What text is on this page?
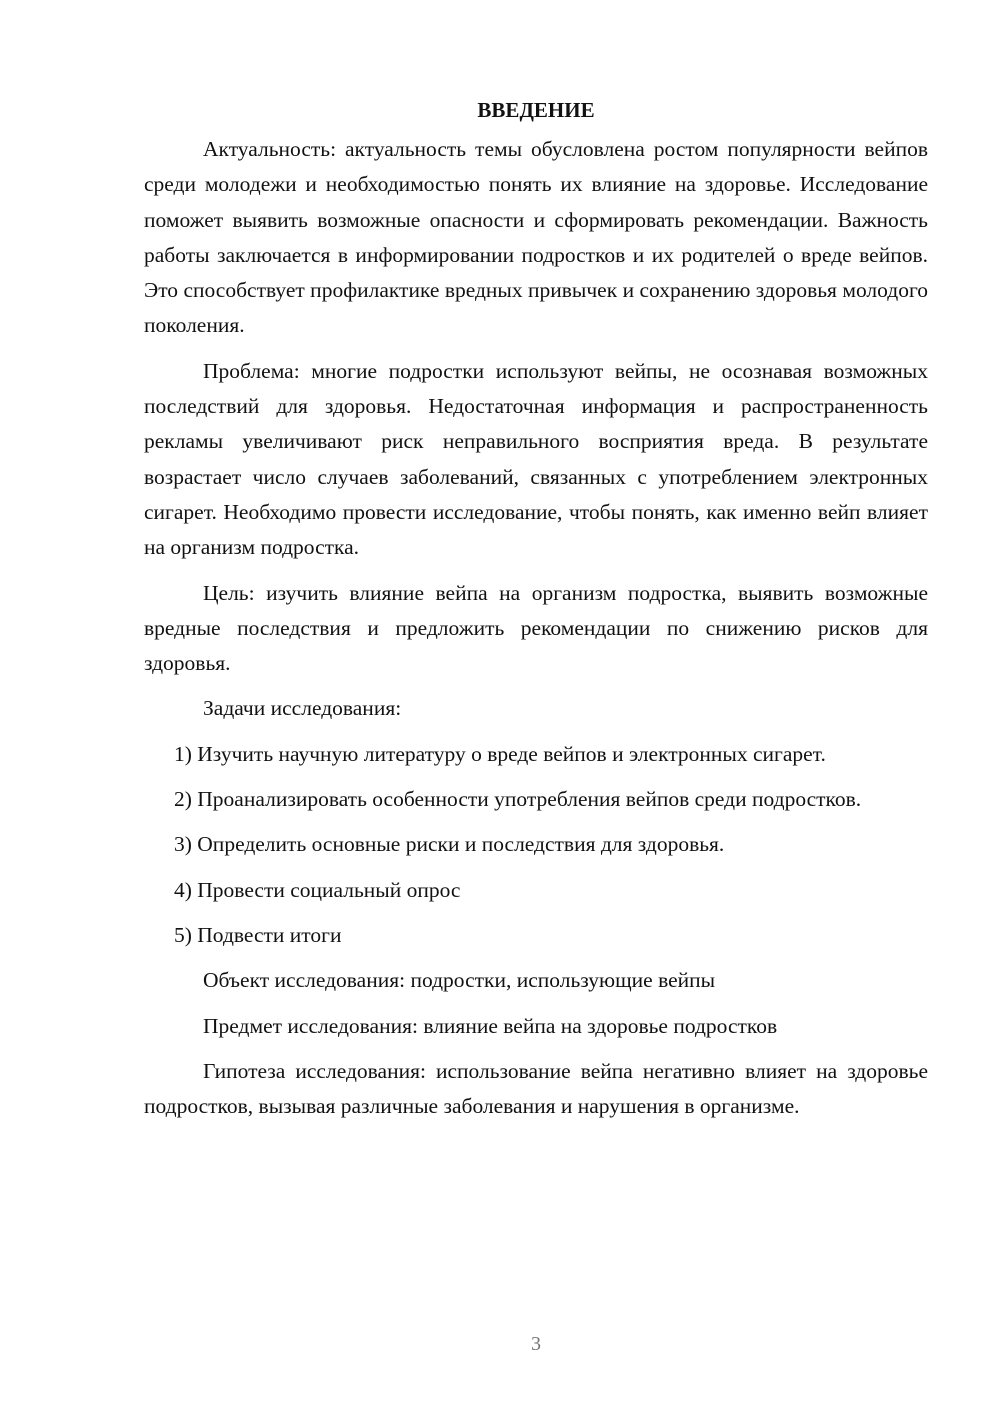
ВВЕДЕНИЕ

Актуальность: актуальность темы обусловлена ростом популярности вейпов среди молодежи и необходимостью понять их влияние на здоровье. Исследование поможет выявить возможные опасности и сформировать рекомендации. Важность работы заключается в информировании подростков и их родителей о вреде вейпов. Это способствует профилактике вредных привычек и сохранению здоровья молодого поколения.

Проблема: многие подростки используют вейпы, не осознавая возможных последствий для здоровья. Недостаточная информация и распространенность рекламы увеличивают риск неправильного восприятия вреда. В результате возрастает число случаев заболеваний, связанных с употреблением электронных сигарет. Необходимо провести исследование, чтобы понять, как именно вейп влияет на организм подростка.

Цель: изучить влияние вейпа на организм подростка, выявить возможные вредные последствия и предложить рекомендации по снижению рисков для здоровья.

Задачи исследования:

1) Изучить научную литературу о вреде вейпов и электронных сигарет.

2) Проанализировать особенности употребления вейпов среди подростков.

3) Определить основные риски и последствия для здоровья.

4) Провести социальный опрос

5) Подвести итоги

Объект исследования: подростки, использующие вейпы

Предмет исследования: влияние вейпа на здоровье подростков

Гипотеза исследования: использование вейпа негативно влияет на здоровье подростков, вызывая различные заболевания и нарушения в организме.

3
